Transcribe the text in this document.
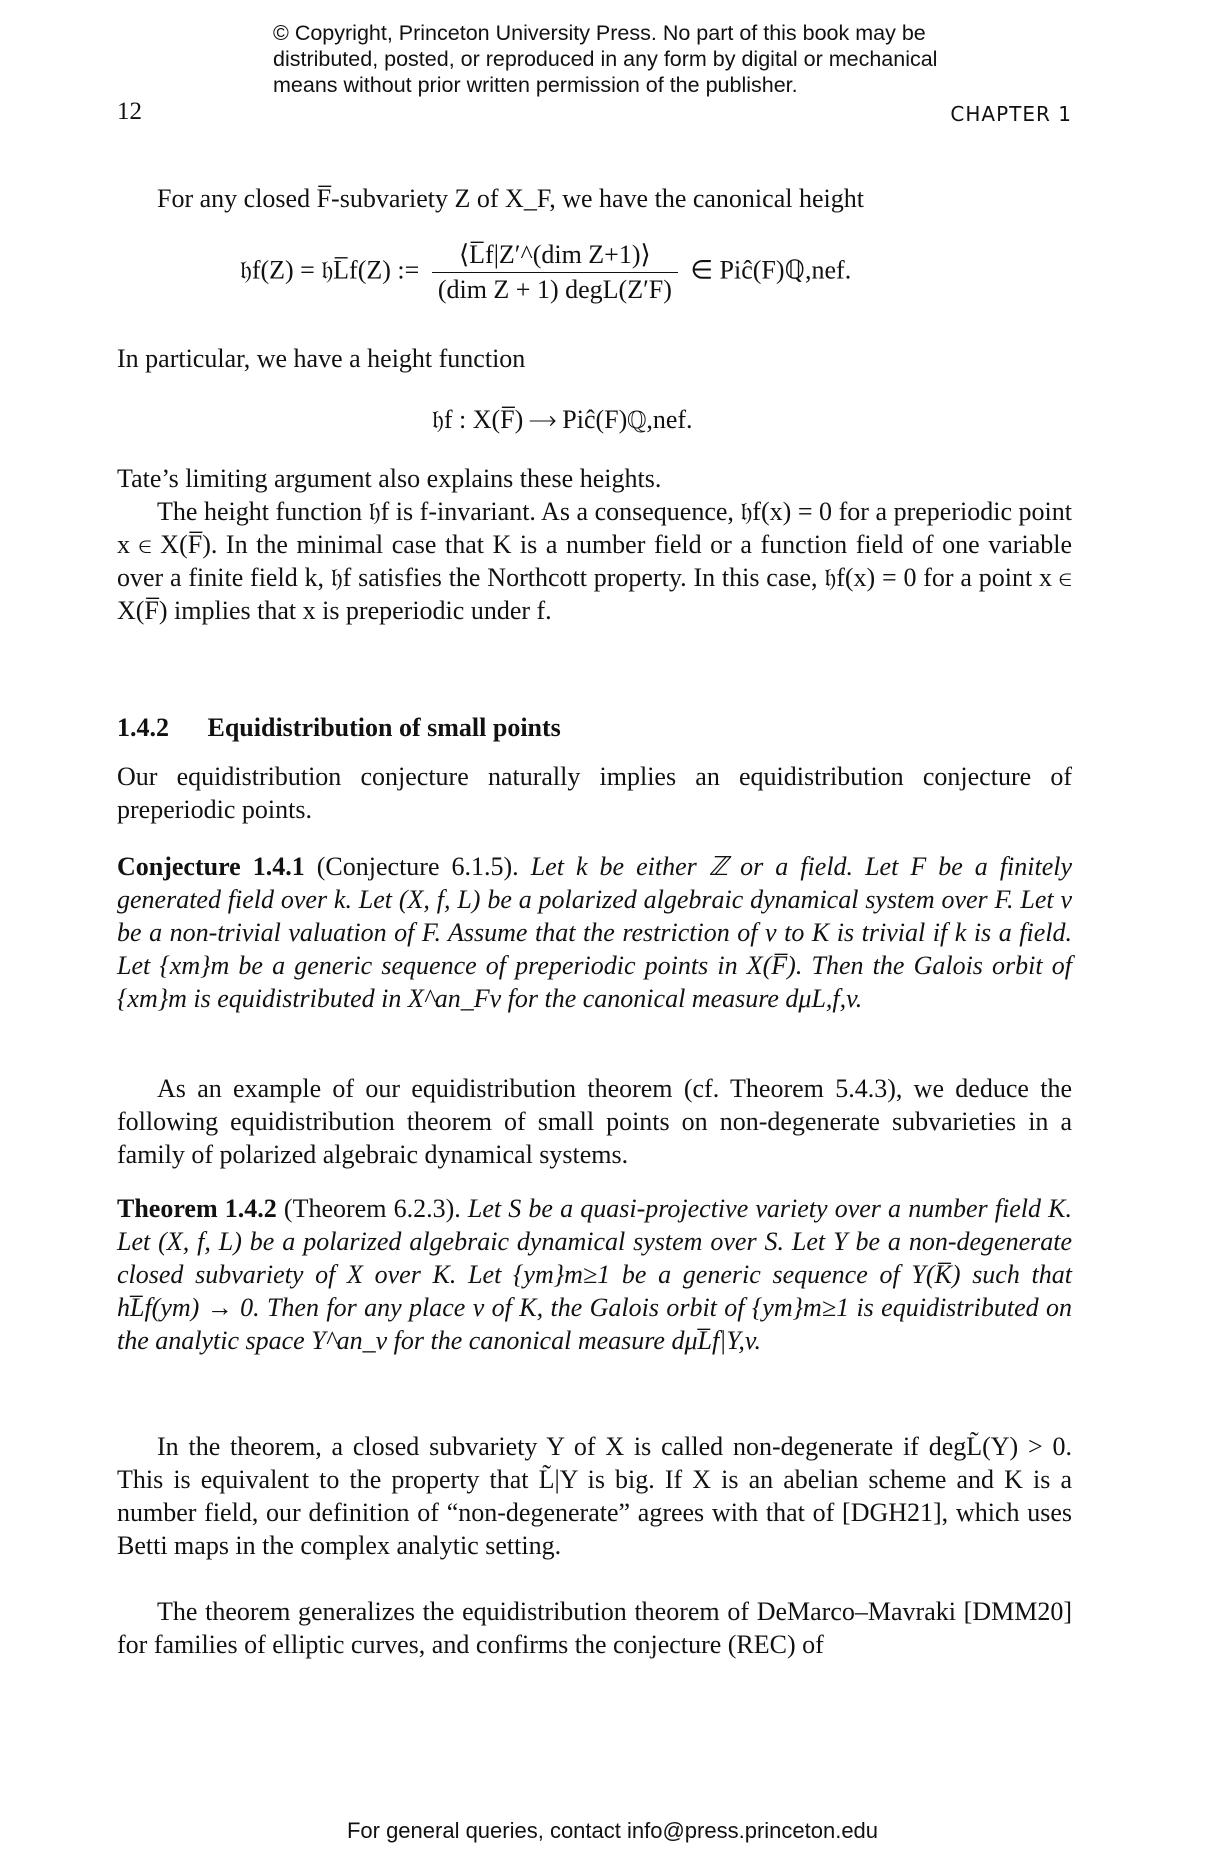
© Copyright, Princeton University Press. No part of this book may be
distributed, posted, or reproduced in any form by digital or mechanical
means without prior written permission of the publisher.
12	CHAPTER 1
For any closed F̅-subvariety Z of X_F, we have the canonical height
𝔥f(Z) = 𝔥L̅f(Z) := $\frac{\text{⟨L̅f|Z′\textasciicircum{}(dim Z+1)⟩}}{\text{(dim Z + 1) degL(Z′F)}}$ ∈ Piĉ(F)ℚ,nef.
In particular, we have a height function
𝔥f : X(F̅) ⟶ Piĉ(F)ℚ,nef.
Tate’s limiting argument also explains these heights.

The height function 𝔥f is f-invariant. As a consequence, 𝔥f(x) = 0 for a preperiodic point x ∈ X(F̅). In the minimal case that K is a number field or a function field of one variable over a finite field k, 𝔥f satisfies the Northcott property. In this case, 𝔥f(x) = 0 for a point x ∈ X(F̅) implies that x is preperiodic under f.

1.4.2 Equidistribution of small points

Our equidistribution conjecture naturally implies an equidistribution conjecture of preperiodic points.

Conjecture 1.4.1 (Conjecture 6.1.5). Let k be either ℤ or a field. Let F be a finitely generated field over k. Let (X, f, L) be a polarized algebraic dynamical system over F. Let v be a non-trivial valuation of F. Assume that the restriction of v to K is trivial if k is a field. Let {xm}m be a generic sequence of preperiodic points in X(F̅). Then the Galois orbit of {xm}m is equidistributed in X^an_Fv for the canonical measure dμL,f,v.

As an example of our equidistribution theorem (cf. Theorem 5.4.3), we deduce the following equidistribution theorem of small points on non-degenerate subvarieties in a family of polarized algebraic dynamical systems.

Theorem 1.4.2 (Theorem 6.2.3). Let S be a quasi-projective variety over a number field K. Let (X, f, L) be a polarized algebraic dynamical system over S. Let Y be a non-degenerate closed subvariety of X over K. Let {ym}m≥1 be a generic sequence of Y(K̅) such that hL̅f(ym) → 0. Then for any place v of K, the Galois orbit of {ym}m≥1 is equidistributed on the analytic space Y^an_v for the canonical measure dμL̅f|Y,v.

In the theorem, a closed subvariety Y of X is called non-degenerate if degL̃(Y) > 0. This is equivalent to the property that L̃|Y is big. If X is an abelian scheme and K is a number field, our definition of “non-degenerate” agrees with that of [DGH21], which uses Betti maps in the complex analytic setting.

The theorem generalizes the equidistribution theorem of DeMarco–Mavraki [DMM20] for families of elliptic curves, and confirms the conjecture (REC) of

For general queries, contact info@press.princeton.edu
